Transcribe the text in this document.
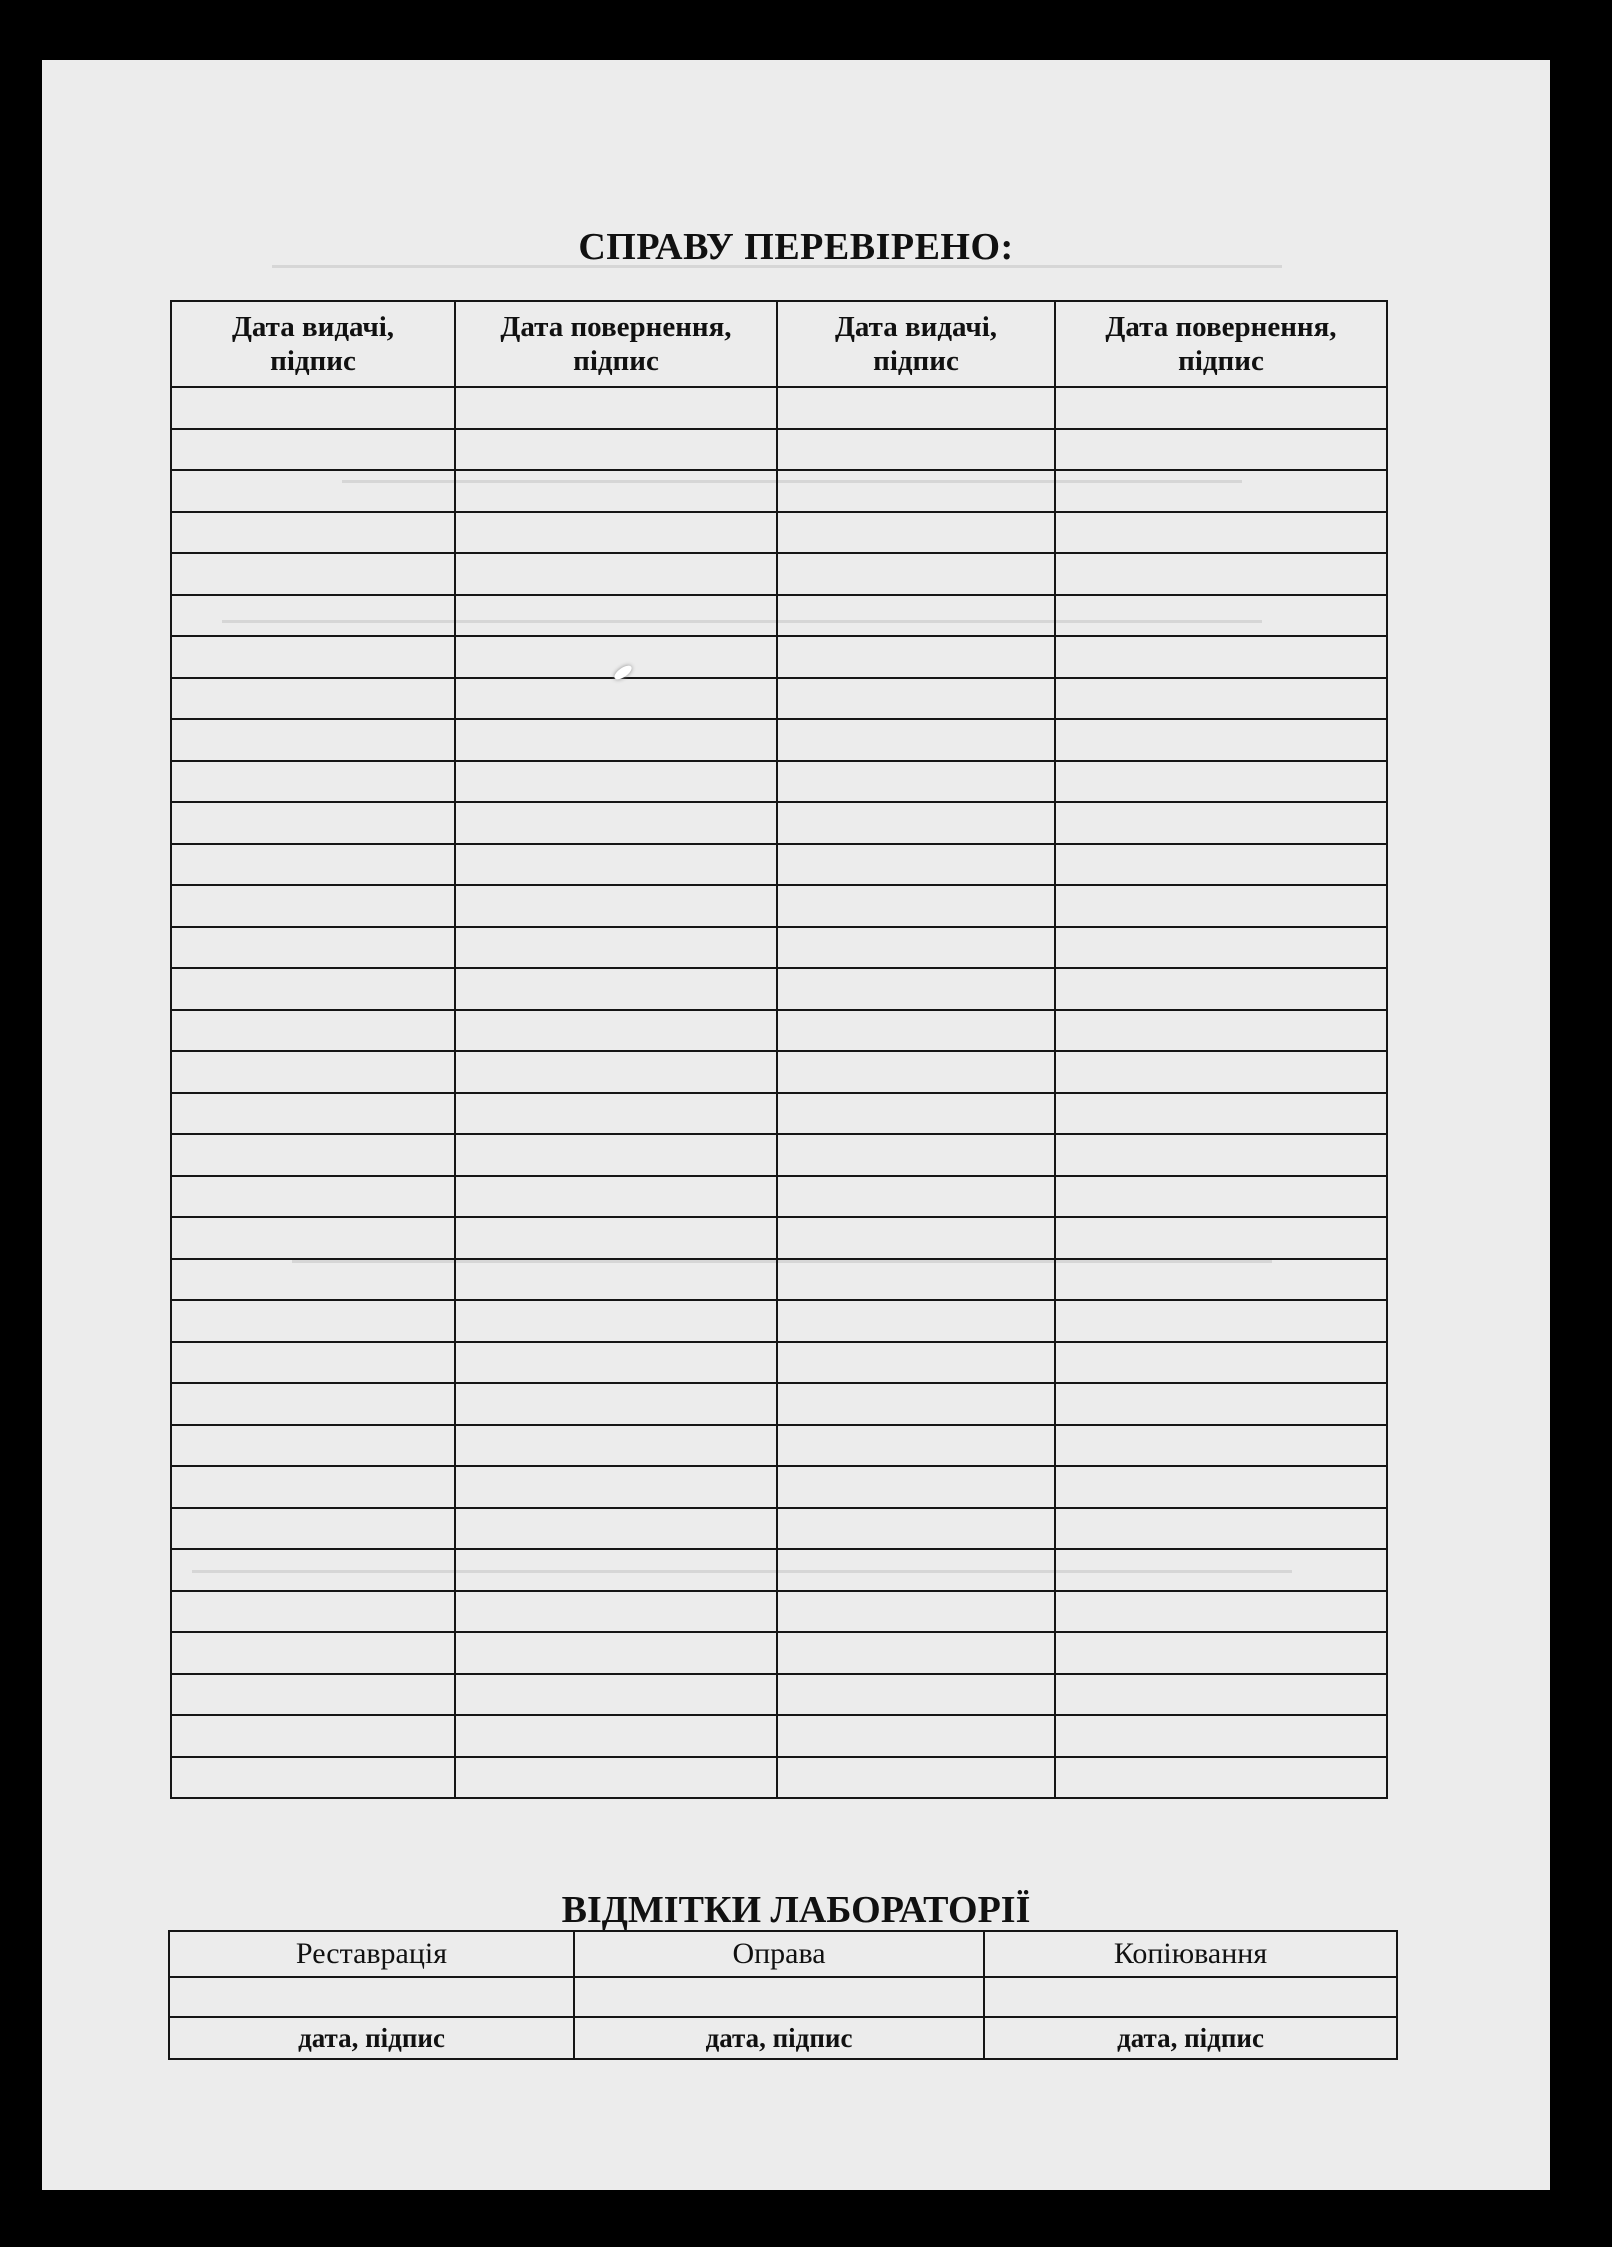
СПРАВУ ПЕРЕВІРЕНО:
Дата видачі,
підпис	Дата повернення,
підпис	Дата видачі,
підпис	Дата повернення,
підпис

ВІДМІТКИ ЛАБОРАТОРІЇ
Реставрація	Оправа	Копіювання

дата, підпис	дата, підпис	дата, підпис
